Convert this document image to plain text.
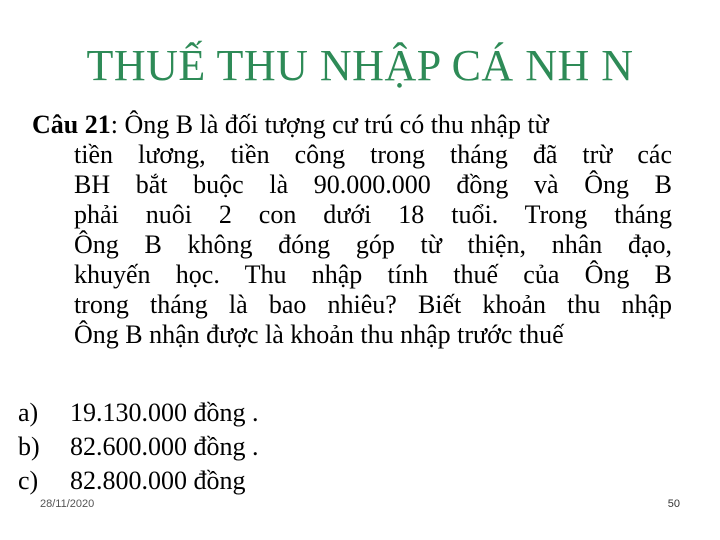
THUẾ THU NHẬP CÁ NH N
Câu 21: Ông B là đối tượng cư trú có thu nhập từ
tiền lương, tiền công trong tháng đã trừ các
BH bắt buộc là 90.000.000 đồng và Ông B
phải nuôi 2 con dưới 18 tuổi. Trong tháng
Ông B không đóng góp từ thiện, nhân đạo,
khuyến học. Thu nhập tính thuế của Ông B
trong tháng là bao nhiêu? Biết khoản thu nhập
Ông B nhận được là khoản thu nhập trước thuế
a)	19.130.000 đồng .
b)	82.600.000 đồng .
c)	82.800.000 đồng
28/11/2020	50
